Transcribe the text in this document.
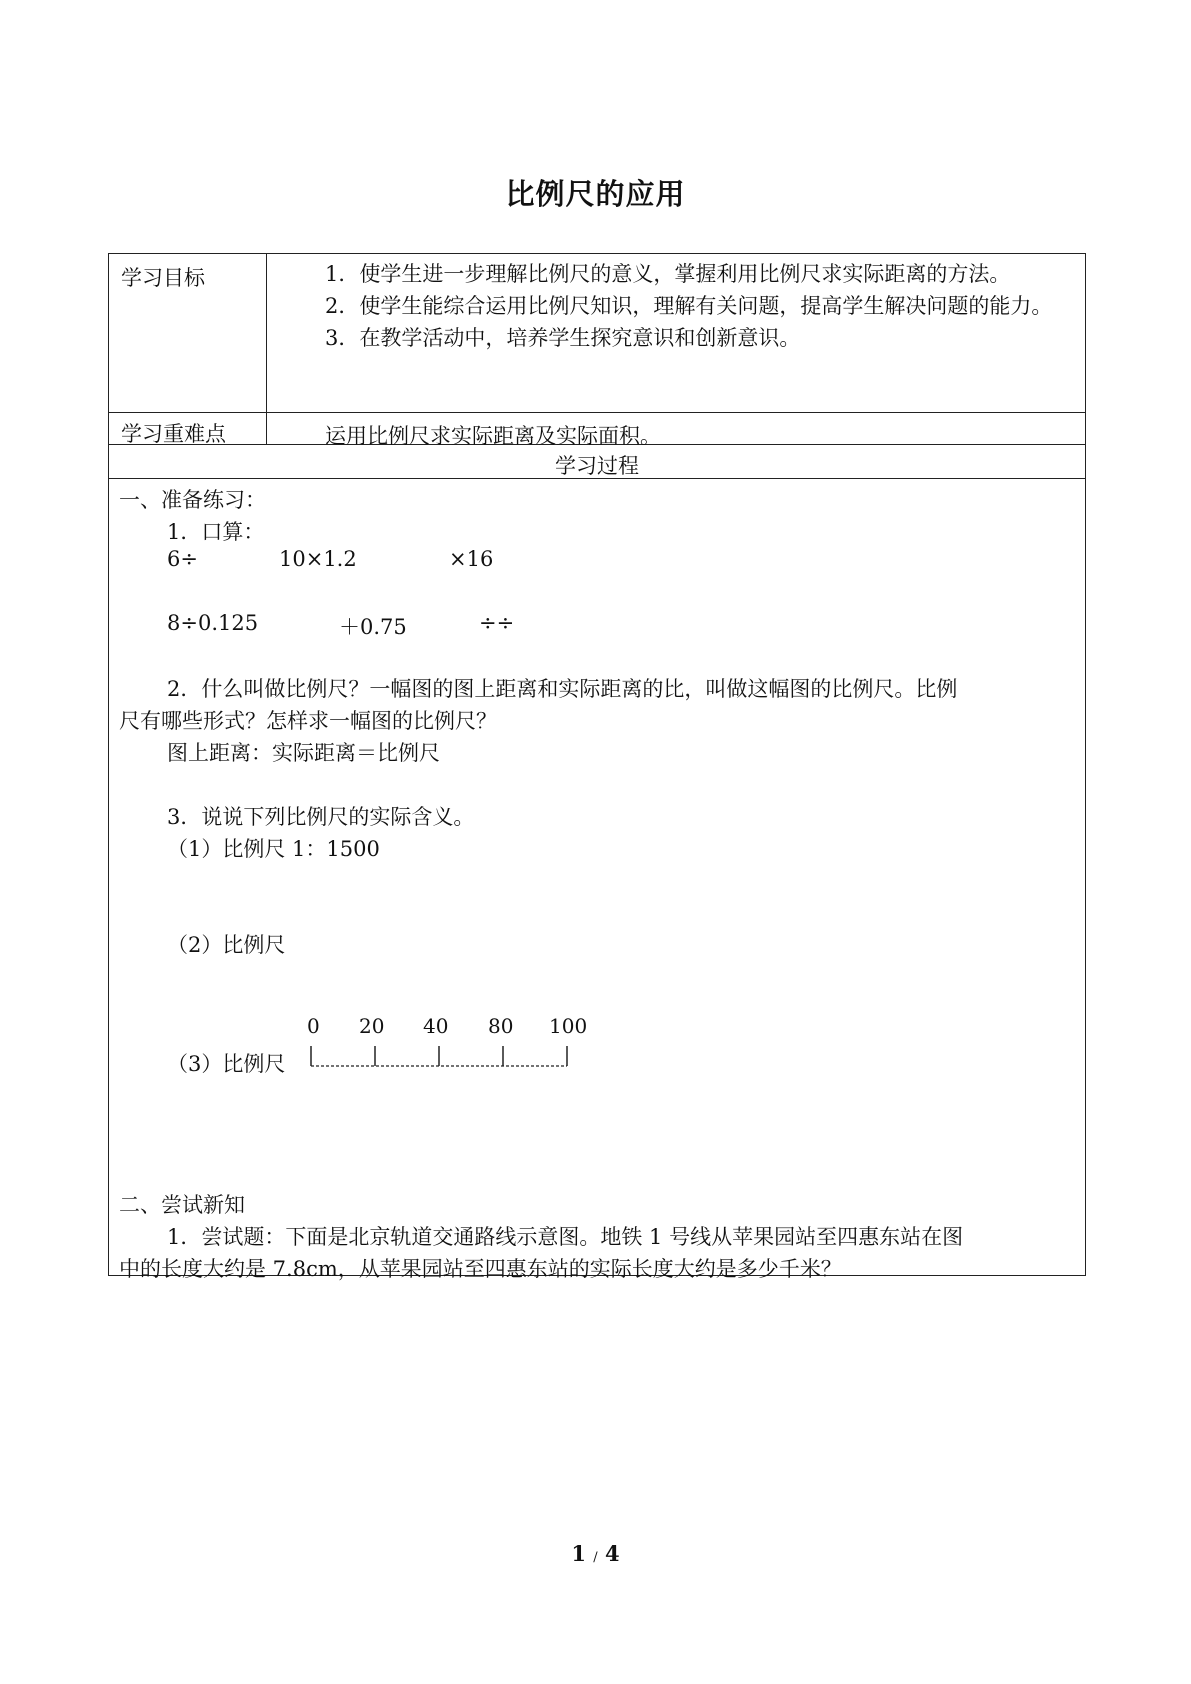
比例尺的应用
学习目标	1．使学生进一步理解比例尺的意义，掌握利用比例尺求实际距离的方法。

2．使学生能综合运用比例尺知识，理解有关问题，提高学生解决问题的能力。

3．在教学活动中，培养学生探究意识和创新意识。

学习重难点	运用比例尺求实际距离及实际面积。
学习过程
一、准备练习：
1．口算：
6÷	10×1.2	×16
8÷0.125	＋0.75	÷÷
2．什么叫做比例尺？一幅图的图上距离和实际距离的比，叫做这幅图的比例尺。比例
尺有哪些形式？怎样求一幅图的比例尺？
图上距离：实际距离＝比例尺
3．说说下列比例尺的实际含义。
（1）比例尺 1：1500
（2）比例尺
（3）比例尺
0 20 40 80 100
二、尝试新知
1．尝试题：下面是北京轨道交通路线示意图。地铁 1 号线从苹果园站至四惠东站在图
中的长度大约是 7.8cm，从苹果园站至四惠东站的实际长度大约是多少千米？
1 / 4
